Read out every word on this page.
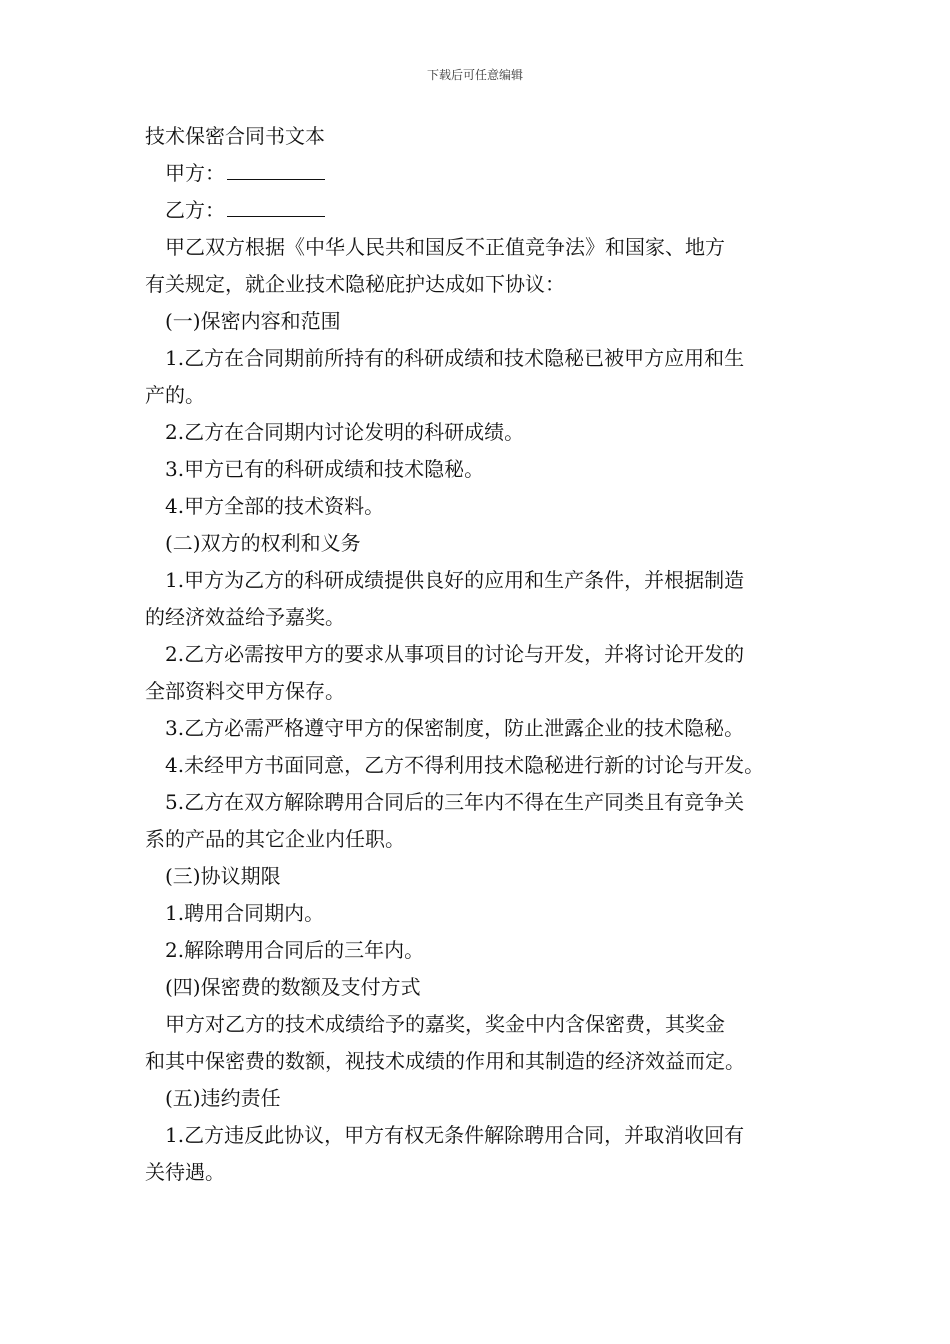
下载后可任意编辑
技术保密合同书文本
甲方：
乙方：
甲乙双方根据《中华人民共和国反不正值竞争法》和国家、地方
有关规定，就企业技术隐秘庇护达成如下协议：
(一)保密内容和范围
1.乙方在合同期前所持有的科研成绩和技术隐秘已被甲方应用和生
产的。
2.乙方在合同期内讨论发明的科研成绩。
3.甲方已有的科研成绩和技术隐秘。
4.甲方全部的技术资料。
(二)双方的权利和义务
1.甲方为乙方的科研成绩提供良好的应用和生产条件，并根据制造
的经济效益给予嘉奖。
2.乙方必需按甲方的要求从事项目的讨论与开发，并将讨论开发的
全部资料交甲方保存。
3.乙方必需严格遵守甲方的保密制度，防止泄露企业的技术隐秘。
4.未经甲方书面同意，乙方不得利用技术隐秘进行新的讨论与开发。
5.乙方在双方解除聘用合同后的三年内不得在生产同类且有竞争关
系的产品的其它企业内任职。
(三)协议期限
1.聘用合同期内。
2.解除聘用合同后的三年内。
(四)保密费的数额及支付方式
甲方对乙方的技术成绩给予的嘉奖，奖金中内含保密费，其奖金
和其中保密费的数额，视技术成绩的作用和其制造的经济效益而定。
(五)违约责任
1.乙方违反此协议，甲方有权无条件解除聘用合同，并取消收回有
关待遇。
